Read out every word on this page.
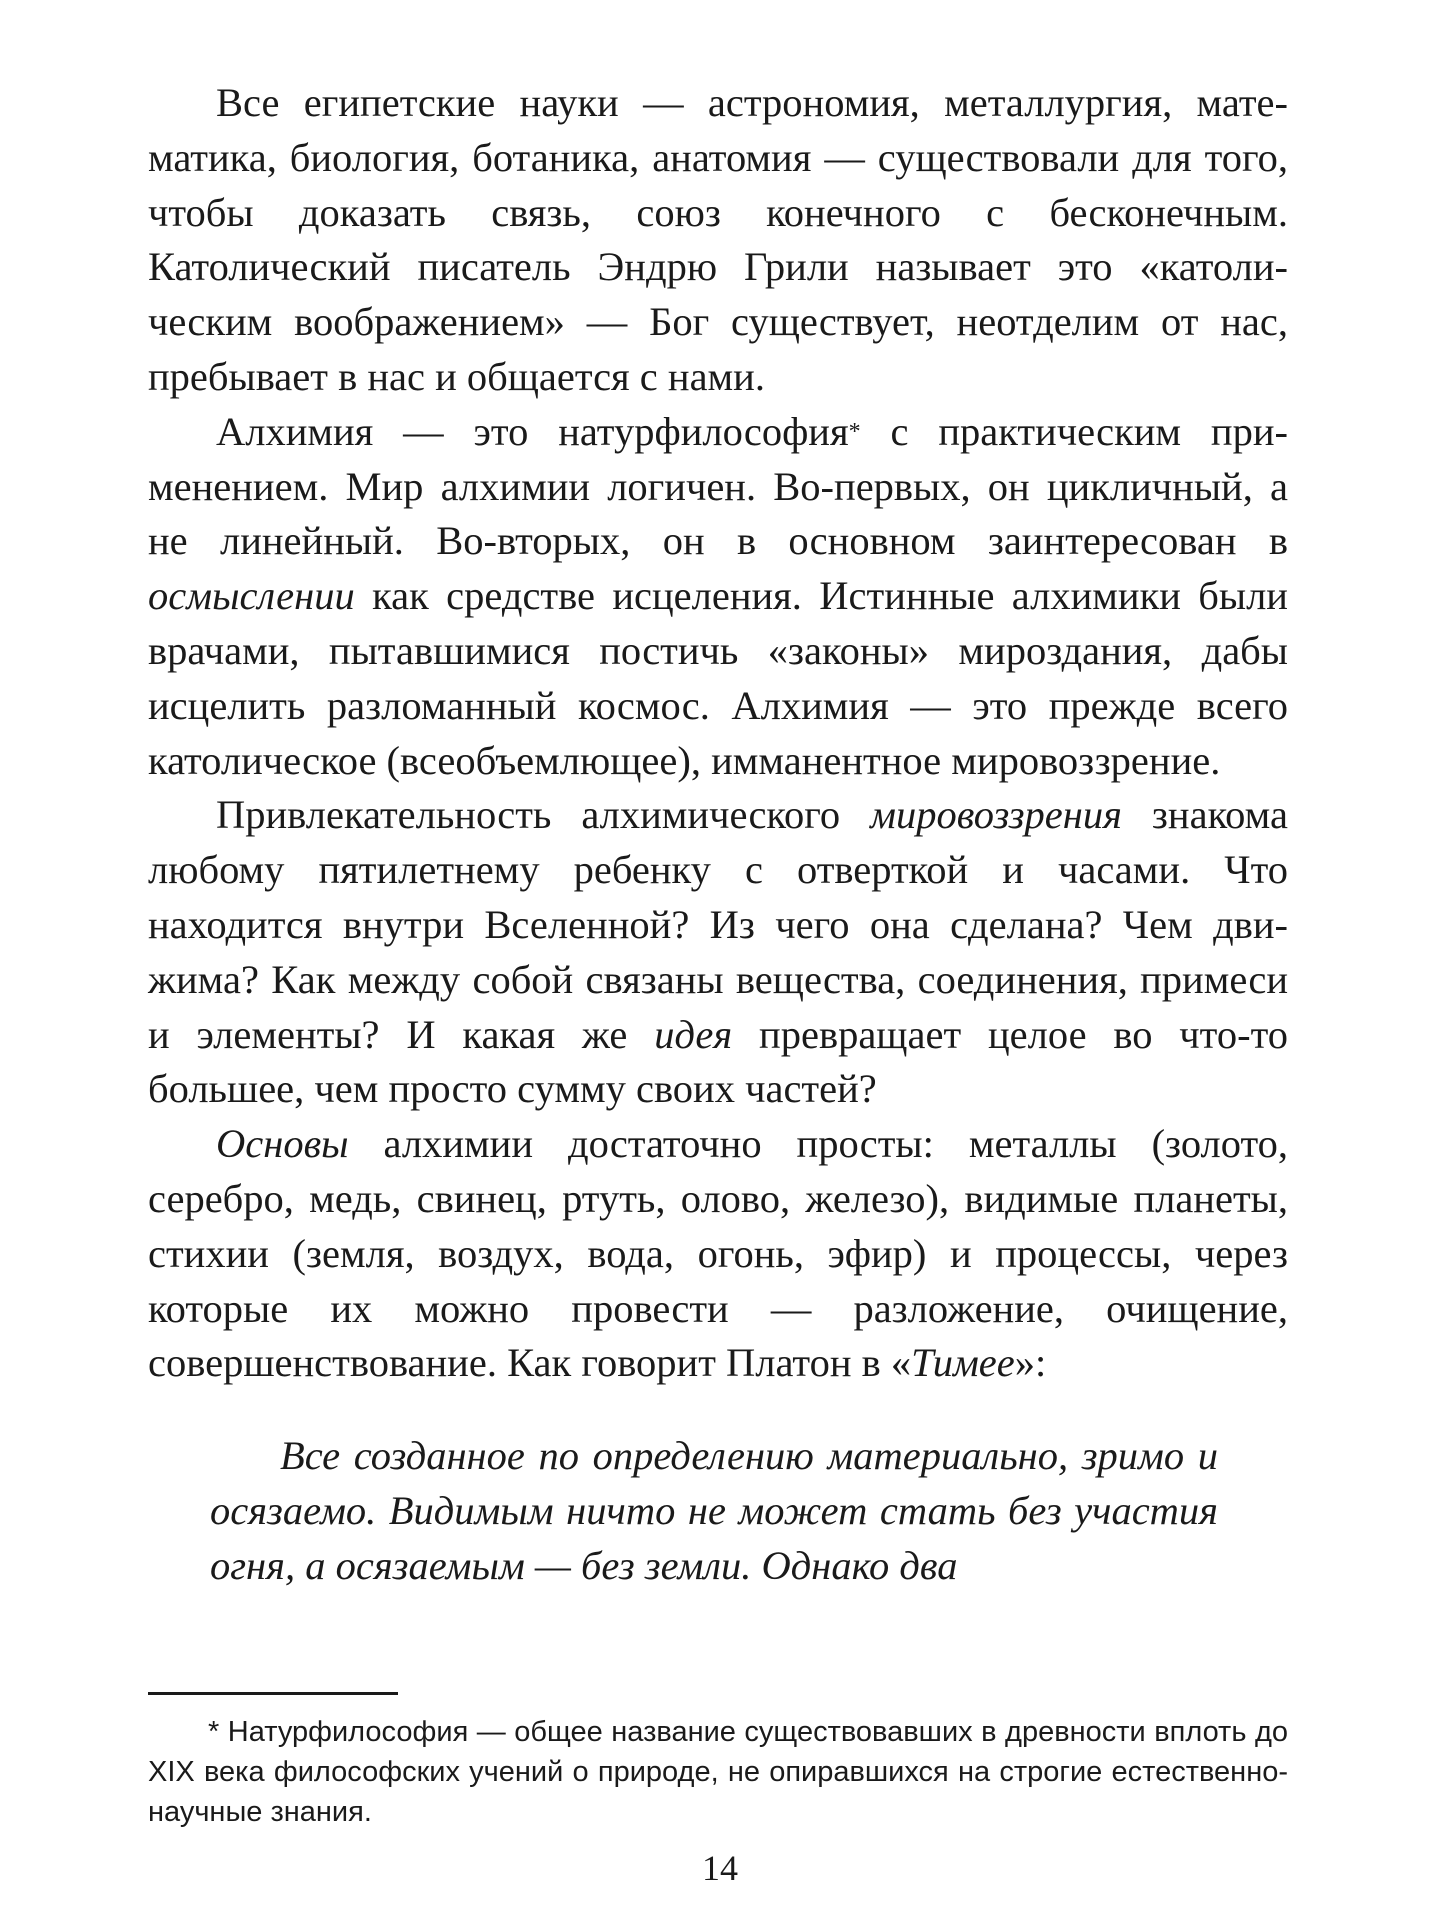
Все египетские науки — астрономия, металлургия, математика, биология, ботаника, анатомия — существовали для того, чтобы доказать связь, союз конечного с бесконечным. Католический писатель Эндрю Грили называет это «католическим воображением» — Бог существует, неотделим от нас, пребывает в нас и общается с нами.

Алхимия — это натурфилософия* с практическим применением. Мир алхимии логичен. Во-первых, он цикличный, а не линейный. Во-вторых, он в основном заинтересован в осмыслении как средстве исцеления. Истинные алхимики были врачами, пытавшимися постичь «законы» мироздания, дабы исцелить разломанный космос. Алхимия — это прежде всего католическое (всеобъемлющее), имманентное мировоззрение.

Привлекательность алхимического мировоззрения знакома любому пятилетнему ребенку с отверткой и часами. Что находится внутри Вселенной? Из чего она сделана? Чем движима? Как между собой связаны вещества, соединения, примеси и элементы? И какая же идея превращает целое во что-то большее, чем просто сумму своих частей?

Основы алхимии достаточно просты: металлы (золото, серебро, медь, свинец, ртуть, олово, железо), видимые планеты, стихии (земля, воздух, вода, огонь, эфир) и процессы, через которые их можно провести — разложение, очищение, совершенствование. Как говорит Платон в «Тимее»:

Все созданное по определению материально, зримо и осязаемо. Видимым ничто не может стать без участия огня, а осязаемым — без земли. Однако два

* Натурфилософия — общее название существовавших в древности вплоть до XIX века философских учений о природе, не опиравшихся на строгие естественно-научные знания.

14
